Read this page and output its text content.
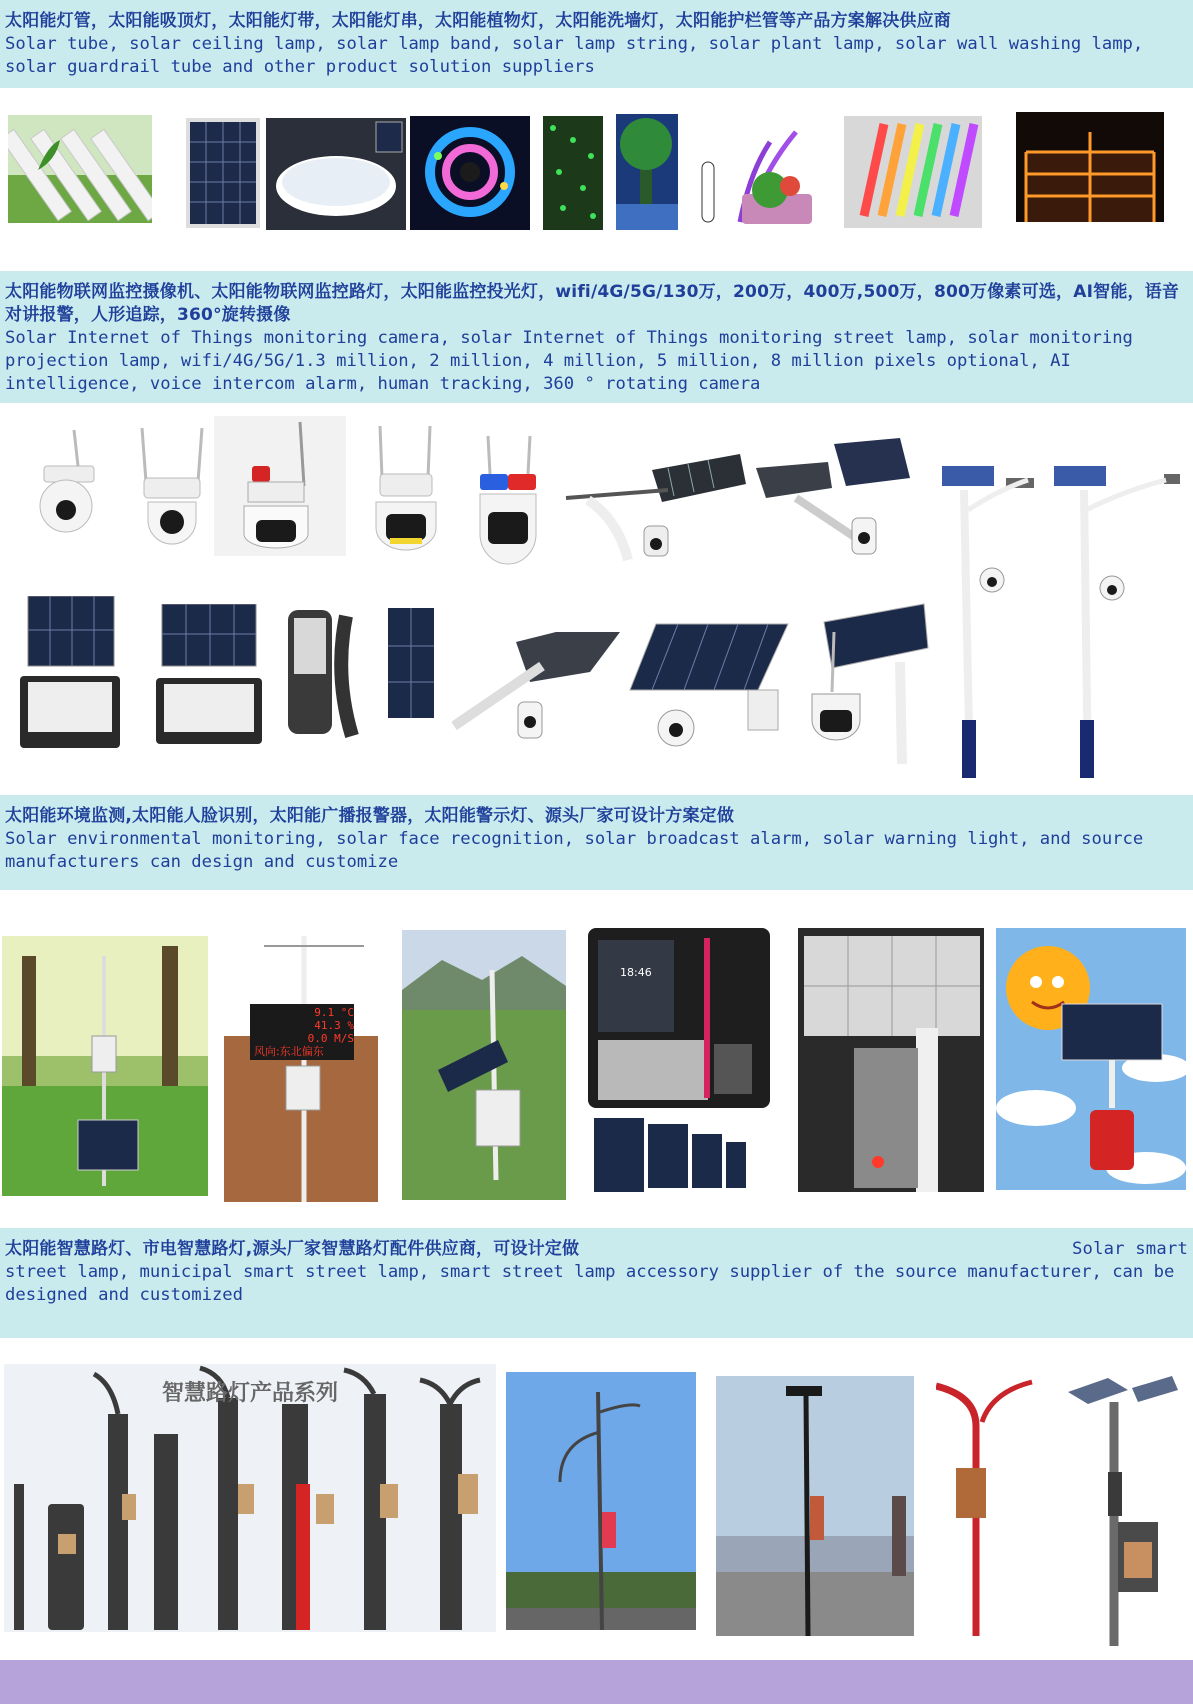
太阳能灯管，太阳能吸顶灯，太阳能灯带，太阳能灯串，太阳能植物灯，太阳能洗墙灯，太阳能护栏管等产品方案解决供应商
Solar tube, solar ceiling lamp, solar lamp band, solar lamp string, solar plant lamp, solar wall washing lamp, solar guardrail tube and other product solution suppliers
太阳能物联网监控摄像机、太阳能物联网监控路灯，太阳能监控投光灯，wifi/4G/5G/130万，200万，400万,500万，800万像素可选，AI智能，语音对讲报警，人形追踪，360°旋转摄像
Solar Internet of Things monitoring camera, solar Internet of Things monitoring street lamp, solar monitoring projection lamp, wifi/4G/5G/1.3 million, 2 million, 4 million, 5 million, 8 million pixels optional, AI intelligence, voice intercom alarm, human tracking, 360 ° rotating camera
太阳能环境监测,太阳能人脸识别，太阳能广播报警器，太阳能警示灯、源头厂家可设计方案定做
Solar environmental monitoring, solar face recognition, solar broadcast alarm, solar warning light, and source manufacturers can design and customize
9.1 °C
41.3 %
0.0 M/S
风向:东北偏东
18:46
太阳能智慧路灯、市电智慧路灯,源头厂家智慧路灯配件供应商，可设计定做	Solar smart
street lamp, municipal smart street lamp, smart street lamp accessory supplier of the source manufacturer, can be designed and customized
智慧路灯产品系列
